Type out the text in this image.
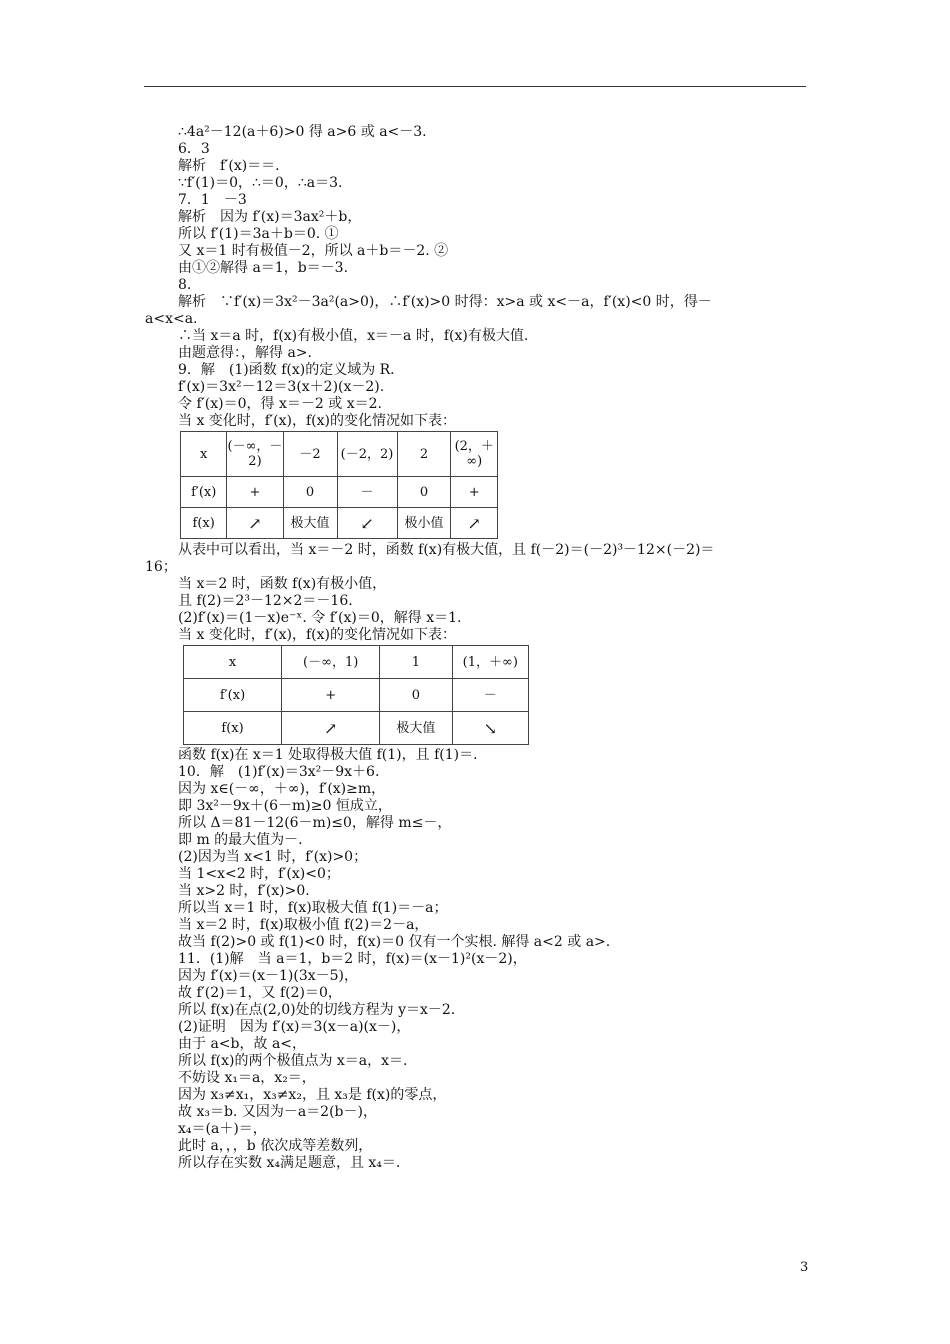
∴4a²－12(a＋6)>0 得 a>6 或 a<－3.
6．3
解析　f′(x)＝＝.
∵f′(1)＝0，∴＝0，∴a＝3.
7．1　－3
解析　因为 f′(x)＝3ax²＋b，
所以 f′(1)＝3a＋b＝0. ①
又 x＝1 时有极值－2，所以 a＋b＝－2. ②
由①②解得 a＝1，b＝－3.
8.
解析　∵f′(x)＝3x²－3a²(a>0)，∴f′(x)>0 时得：x>a 或 x<－a，f′(x)<0 时，得－
a<x<a.
∴当 x＝a 时，f(x)有极小值，x＝－a 时，f(x)有极大值.
由题意得：，解得 a>.
9．解　(1)函数 f(x)的定义域为 R.
f′(x)＝3x²－12＝3(x＋2)(x－2).
令 f′(x)＝0，得 x＝－2 或 x＝2.
当 x 变化时，f′(x)，f(x)的变化情况如下表：
x	(－∞，－2)	－2	(－2，2)	2	(2，＋∞)
f′(x)	+	0	－	0	+
f(x)	↗	极大值	↙	极小值	↗
从表中可以看出，当 x＝－2 时，函数 f(x)有极大值，且 f(－2)＝(－2)³－12×(－2)＝
16；
当 x＝2 时，函数 f(x)有极小值，
且 f(2)＝2³－12×2＝－16.
(2)f′(x)＝(1－x)e⁻ˣ. 令 f′(x)＝0，解得 x＝1.
当 x 变化时，f′(x)，f(x)的变化情况如下表：
x	(－∞，1)	1	(1，＋∞)
f′(x)	+	0	－
f(x)	↗	极大值	↘
函数 f(x)在 x＝1 处取得极大值 f(1)，且 f(1)＝.
10．解　(1)f′(x)＝3x²－9x＋6.
因为 x∈(－∞，＋∞)，f′(x)≥m，
即 3x²－9x＋(6－m)≥0 恒成立，
所以 Δ＝81－12(6－m)≤0，解得 m≤－，
即 m 的最大值为－.
(2)因为当 x<1 时，f′(x)>0；
当 1<x<2 时，f′(x)<0；
当 x>2 时，f′(x)>0.
所以当 x＝1 时，f(x)取极大值 f(1)＝－a；
当 x＝2 时，f(x)取极小值 f(2)＝2－a，
故当 f(2)>0 或 f(1)<0 时，f(x)＝0 仅有一个实根. 解得 a<2 或 a>.
11．(1)解　当 a＝1，b＝2 时，f(x)＝(x－1)²(x－2)，
因为 f′(x)＝(x－1)(3x－5)，
故 f′(2)＝1，又 f(2)＝0，
所以 f(x)在点(2,0)处的切线方程为 y＝x－2.
(2)证明　因为 f′(x)＝3(x－a)(x－)，
由于 a<b，故 a<，
所以 f(x)的两个极值点为 x＝a，x＝.
不妨设 x₁＝a，x₂＝，
因为 x₃≠x₁，x₃≠x₂，且 x₃是 f(x)的零点，
故 x₃＝b. 又因为－a＝2(b－)，
x₄＝(a＋)＝，
此时 a，，，b 依次成等差数列，
所以存在实数 x₄满足题意，且 x₄＝.
3
